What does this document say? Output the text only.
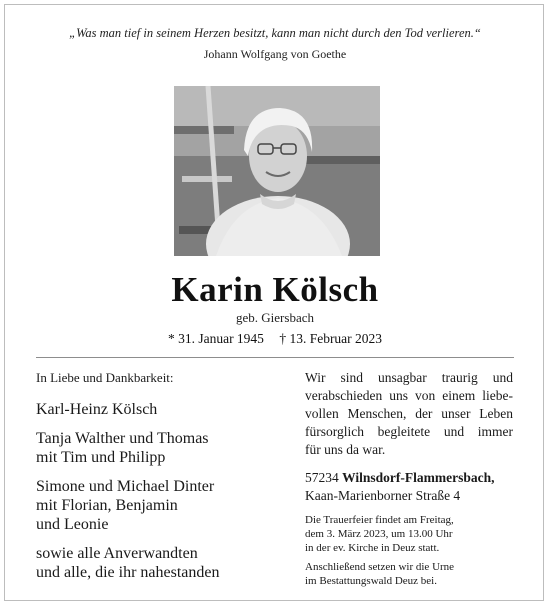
„Was man tief in seinem Herzen besitzt, kann man nicht durch den Tod verlieren.“
Johann Wolfgang von Goethe
Karin Kölsch
geb. Giersbach
* 31. Januar 1945 † 13. Februar 2023
In Liebe und Dankbarkeit:
Karl-Heinz Kölsch
Tanja Walther und Thomas
mit Tim und Philipp
Simone und Michael Dinter
mit Florian, Benjamin
und Leonie
sowie alle Anverwandten
und alle, die ihr nahestanden
Wir sind unsagbar traurig und
verabschieden uns von einem liebe-
vollen Menschen, der unser Leben
fürsorglich begleitete und immer
für uns da war.
57234 Wilnsdorf-Flammersbach,
Kaan-Marienborner Straße 4
Die Trauerfeier findet am Freitag,
dem 3. März 2023, um 13.00 Uhr
in der ev. Kirche in Deuz statt.
Anschließend setzen wir die Urne
im Bestattungswald Deuz bei.
